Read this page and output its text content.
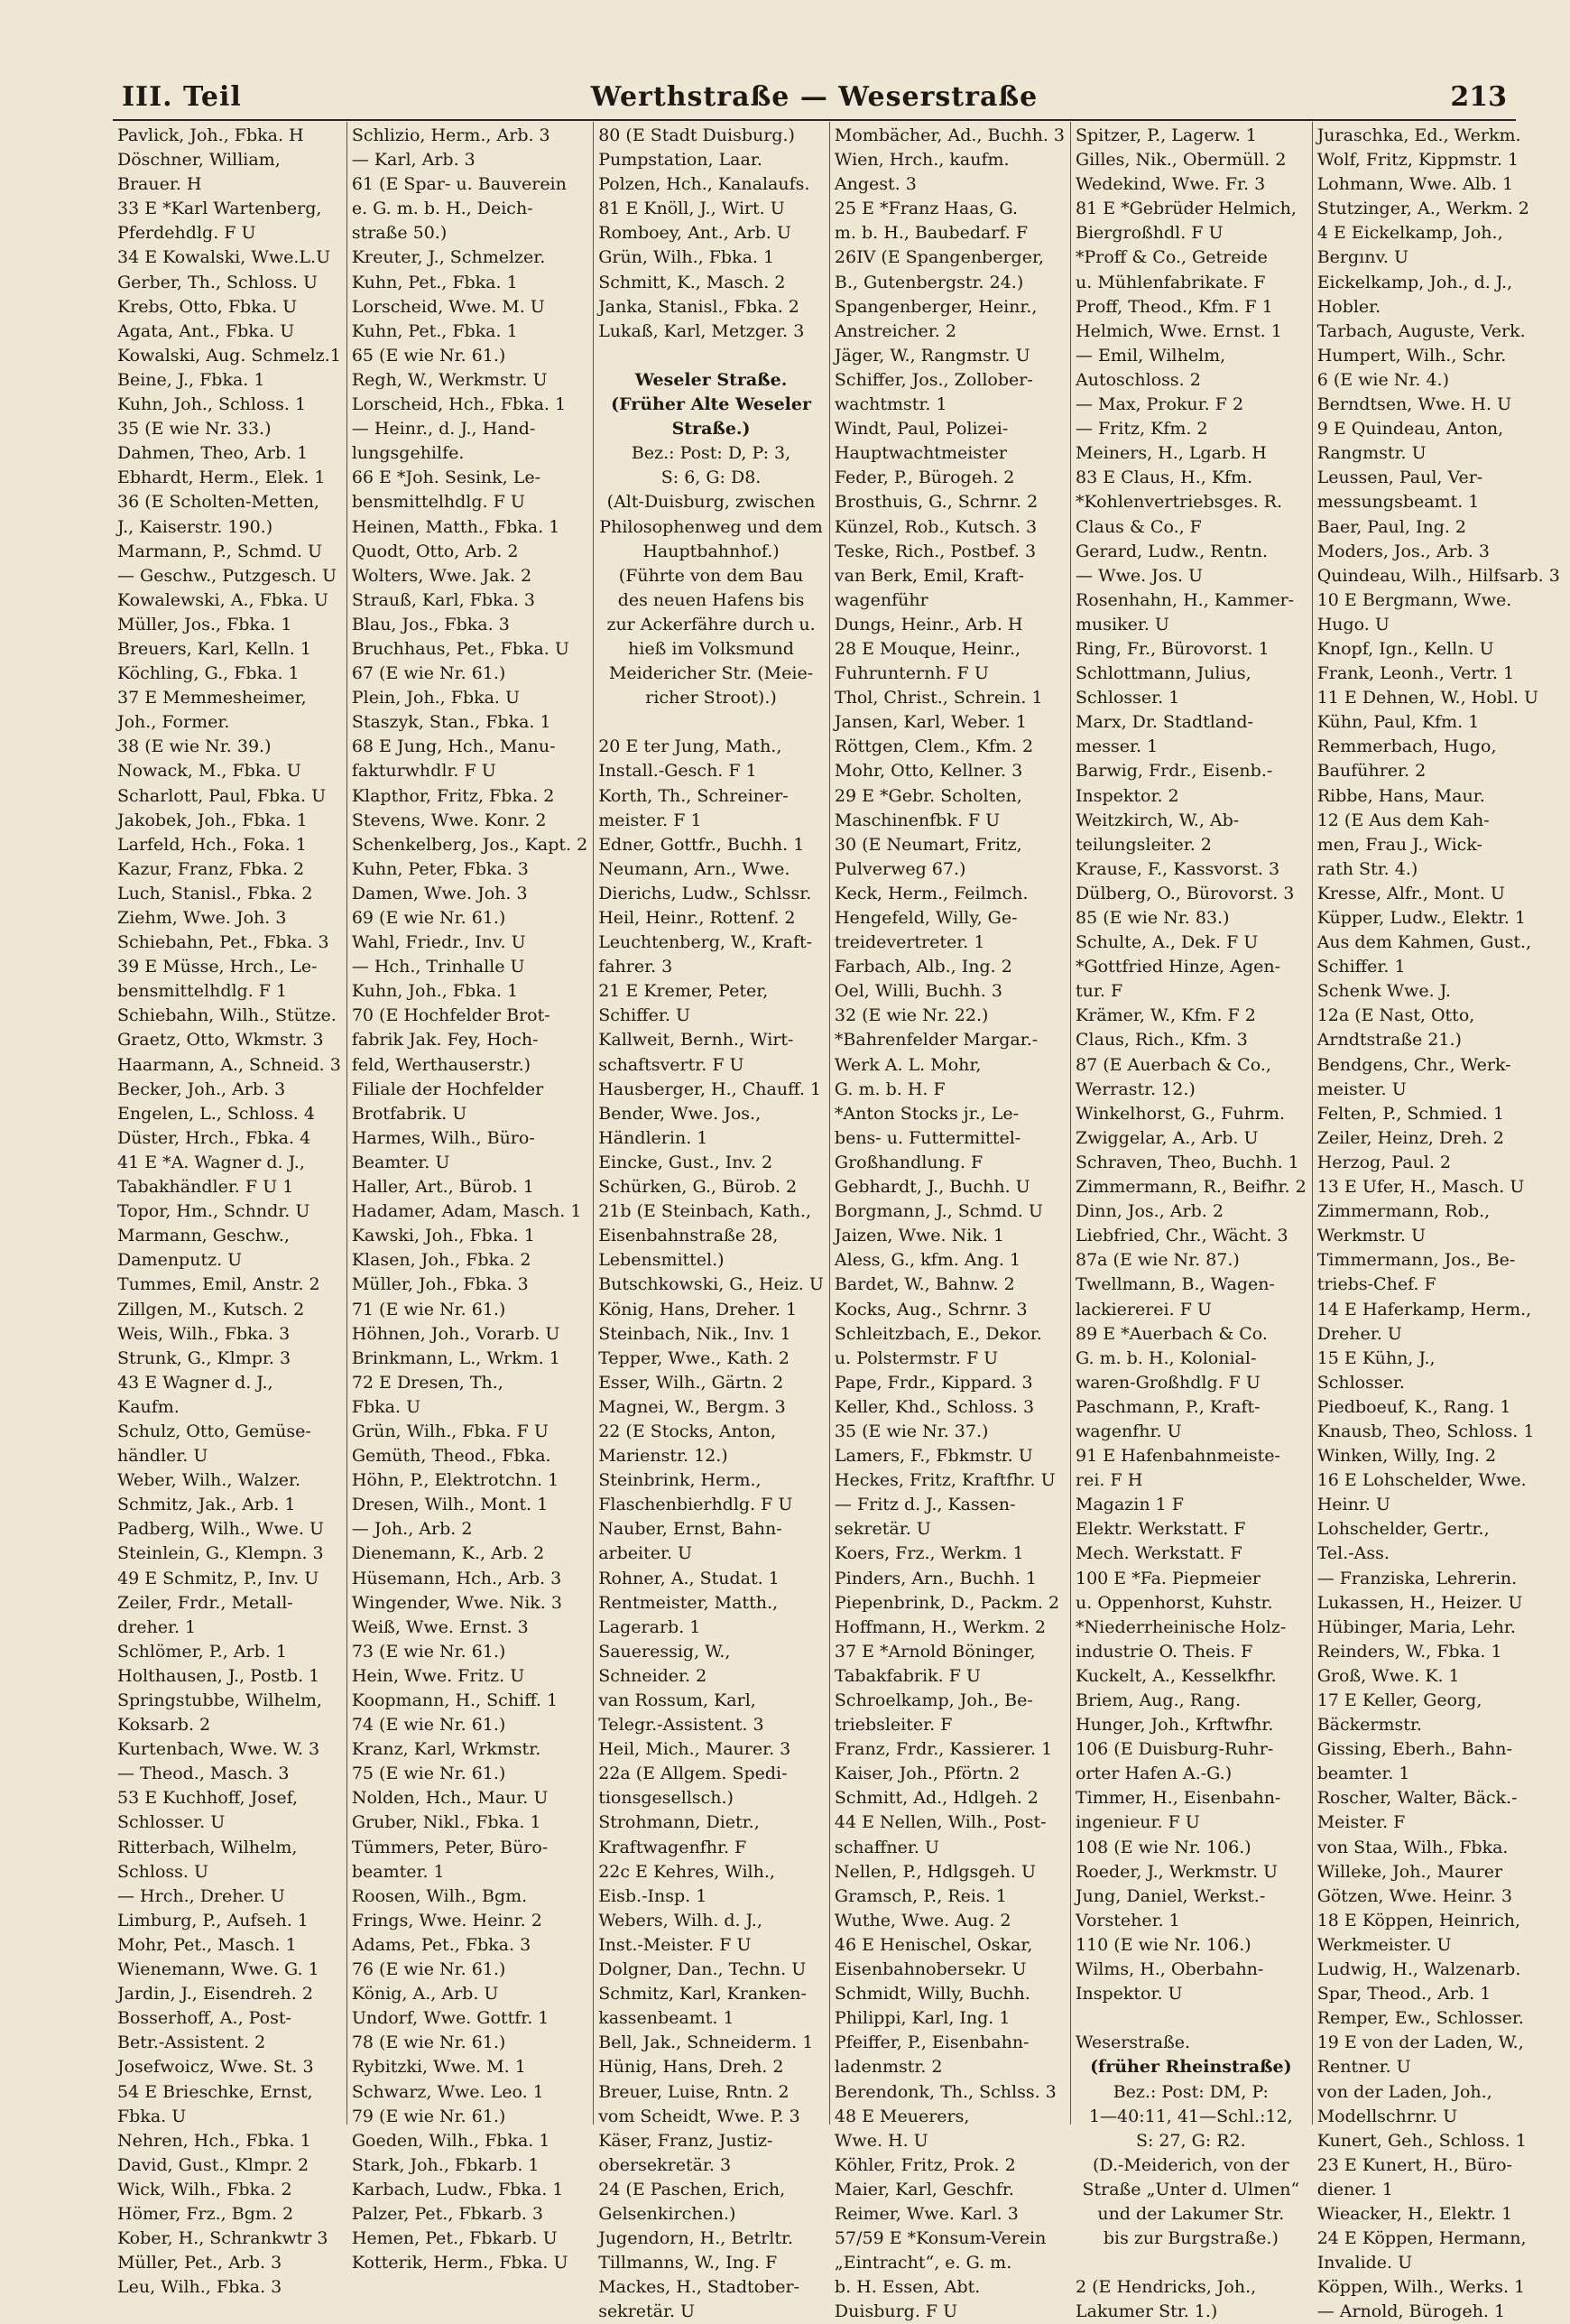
III. Teil	Werthstraße — Weserstraße	213
Pavlick, Joh., Fbka. H
Döschner, William,
Brauer. H
33 E *Karl Wartenberg,
Pferdehdlg. F U
34 E Kowalski, Wwe.L.U
Gerber, Th., Schloss. U
Krebs, Otto, Fbka. U
Agata, Ant., Fbka. U
Kowalski, Aug. Schmelz.1
Beine, J., Fbka. 1
Kuhn, Joh., Schloss. 1
35 (E wie Nr. 33.)
Dahmen, Theo, Arb. 1
Ebhardt, Herm., Elek. 1
36 (E Scholten-Metten,
J., Kaiserstr. 190.)
Marmann, P., Schmd. U
— Geschw., Putzgesch. U
Kowalewski, A., Fbka. U
Müller, Jos., Fbka. 1
Breuers, Karl, Kelln. 1
Köchling, G., Fbka. 1
37 E Memmesheimer,
Joh., Former.
38 (E wie Nr. 39.)
Nowack, M., Fbka. U
Scharlott, Paul, Fbka. U
Jakobek, Joh., Fbka. 1
Larfeld, Hch., Foka. 1
Kazur, Franz, Fbka. 2
Luch, Stanisl., Fbka. 2
Ziehm, Wwe. Joh. 3
Schiebahn, Pet., Fbka. 3
39 E Müsse, Hrch., Le-
bensmittelhdlg. F 1
Schiebahn, Wilh., Stütze.
Graetz, Otto, Wkmstr. 3
Haarmann, A., Schneid. 3
Becker, Joh., Arb. 3
Engelen, L., Schloss. 4
Düster, Hrch., Fbka. 4
41 E *A. Wagner d. J.,
Tabakhändler. F U 1
Topor, Hm., Schndr. U
Marmann, Geschw.,
Damenputz. U
Tummes, Emil, Anstr. 2
Zillgen, M., Kutsch. 2
Weis, Wilh., Fbka. 3
Strunk, G., Klmpr. 3
43 E Wagner d. J.,
Kaufm.
Schulz, Otto, Gemüse-
händler. U
Weber, Wilh., Walzer.
Schmitz, Jak., Arb. 1
Padberg, Wilh., Wwe. U
Steinlein, G., Klempn. 3
49 E Schmitz, P., Inv. U
Zeiler, Frdr., Metall-
dreher. 1
Schlömer, P., Arb. 1
Holthausen, J., Postb. 1
Springstubbe, Wilhelm,
Koksarb. 2
Kurtenbach, Wwe. W. 3
— Theod., Masch. 3
53 E Kuchhoff, Josef,
Schlosser. U
Ritterbach, Wilhelm,
Schloss. U
— Hrch., Dreher. U
Limburg, P., Aufseh. 1
Mohr, Pet., Masch. 1
Wienemann, Wwe. G. 1
Jardin, J., Eisendreh. 2
Bosserhoff, A., Post-
Betr.-Assistent. 2
Josefwoicz, Wwe. St. 3
54 E Brieschke, Ernst,
Fbka. U
Nehren, Hch., Fbka. 1
David, Gust., Klmpr. 2
Wick, Wilh., Fbka. 2
Hömer, Frz., Bgm. 2
Kober, H., Schrankwtr 3
Müller, Pet., Arb. 3
Leu, Wilh., Fbka. 3
Schlizio, Herm., Arb. 3
— Karl, Arb. 3
61 (E Spar- u. Bauverein
e. G. m. b. H., Deich-
straße 50.)
Kreuter, J., Schmelzer.
Kuhn, Pet., Fbka. 1
Lorscheid, Wwe. M. U
Kuhn, Pet., Fbka. 1
65 (E wie Nr. 61.)
Regh, W., Werkmstr. U
Lorscheid, Hch., Fbka. 1
— Heinr., d. J., Hand-
lungsgehilfe.
66 E *Joh. Sesink, Le-
bensmittelhdlg. F U
Heinen, Matth., Fbka. 1
Quodt, Otto, Arb. 2
Wolters, Wwe. Jak. 2
Strauß, Karl, Fbka. 3
Blau, Jos., Fbka. 3
Bruchhaus, Pet., Fbka. U
67 (E wie Nr. 61.)
Plein, Joh., Fbka. U
Staszyk, Stan., Fbka. 1
68 E Jung, Hch., Manu-
fakturwhdlr. F U
Klapthor, Fritz, Fbka. 2
Stevens, Wwe. Konr. 2
Schenkelberg, Jos., Kapt. 2
Kuhn, Peter, Fbka. 3
Damen, Wwe. Joh. 3
69 (E wie Nr. 61.)
Wahl, Friedr., Inv. U
— Hch., Trinhalle U
Kuhn, Joh., Fbka. 1
70 (E Hochfelder Brot-
fabrik Jak. Fey, Hoch-
feld, Werthauserstr.)
Filiale der Hochfelder
Brotfabrik. U
Harmes, Wilh., Büro-
Beamter. U
Haller, Art., Bürob. 1
Hadamer, Adam, Masch. 1
Kawski, Joh., Fbka. 1
Klasen, Joh., Fbka. 2
Müller, Joh., Fbka. 3
71 (E wie Nr. 61.)
Höhnen, Joh., Vorarb. U
Brinkmann, L., Wrkm. 1
72 E Dresen, Th.,
Fbka. U
Grün, Wilh., Fbka. F U
Gemüth, Theod., Fbka.
Höhn, P., Elektrotchn. 1
Dresen, Wilh., Mont. 1
— Joh., Arb. 2
Dienemann, K., Arb. 2
Hüsemann, Hch., Arb. 3
Wingender, Wwe. Nik. 3
Weiß, Wwe. Ernst. 3
73 (E wie Nr. 61.)
Hein, Wwe. Fritz. U
Koopmann, H., Schiff. 1
74 (E wie Nr. 61.)
Kranz, Karl, Wrkmstr.
75 (E wie Nr. 61.)
Nolden, Hch., Maur. U
Gruber, Nikl., Fbka. 1
Tümmers, Peter, Büro-
beamter. 1
Roosen, Wilh., Bgm.
Frings, Wwe. Heinr. 2
Adams, Pet., Fbka. 3
76 (E wie Nr. 61.)
König, A., Arb. U
Undorf, Wwe. Gottfr. 1
78 (E wie Nr. 61.)
Rybitzki, Wwe. M. 1
Schwarz, Wwe. Leo. 1
79 (E wie Nr. 61.)
Goeden, Wilh., Fbka. 1
Stark, Joh., Fbkarb. 1
Karbach, Ludw., Fbka. 1
Palzer, Pet., Fbkarb. 3
Hemen, Pet., Fbkarb. U
Kotterik, Herm., Fbka. U
80 (E Stadt Duisburg.)
Pumpstation, Laar.
Polzen, Hch., Kanalaufs.
81 E Knöll, J., Wirt. U
Romboey, Ant., Arb. U
Grün, Wilh., Fbka. 1
Schmitt, K., Masch. 2
Janka, Stanisl., Fbka. 2
Lukaß, Karl, Metzger. 3
Weseler Straße.
(Früher Alte Weseler
Straße.)
Bez.: Post: D, P: 3,
S: 6, G: D8.
(Alt-Duisburg, zwischen
Philosophenweg und dem
Hauptbahnhof.)
(Führte von dem Bau
des neuen Hafens bis
zur Ackerfähre durch u.
hieß im Volksmund
Meidericher Str. (Meie-
richer Stroot).)
20 E ter Jung, Math.,
Install.-Gesch. F 1
Korth, Th., Schreiner-
meister. F 1
Edner, Gottfr., Buchh. 1
Neumann, Arn., Wwe.
Dierichs, Ludw., Schlssr.
Heil, Heinr., Rottenf. 2
Leuchtenberg, W., Kraft-
fahrer. 3
21 E Kremer, Peter,
Schiffer. U
Kallweit, Bernh., Wirt-
schaftsvertr. F U
Hausberger, H., Chauff. 1
Bender, Wwe. Jos.,
Händlerin. 1
Eincke, Gust., Inv. 2
Schürken, G., Bürob. 2
21b (E Steinbach, Kath.,
Eisenbahnstraße 28,
Lebensmittel.)
Butschkowski, G., Heiz. U
König, Hans, Dreher. 1
Steinbach, Nik., Inv. 1
Tepper, Wwe., Kath. 2
Esser, Wilh., Gärtn. 2
Magnei, W., Bergm. 3
22 (E Stocks, Anton,
Marienstr. 12.)
Steinbrink, Herm.,
Flaschenbierhdlg. F U
Nauber, Ernst, Bahn-
arbeiter. U
Rohner, A., Studat. 1
Rentmeister, Matth.,
Lagerarb. 1
Saueressig, W.,
Schneider. 2
van Rossum, Karl,
Telegr.-Assistent. 3
Heil, Mich., Maurer. 3
22a (E Allgem. Spedi-
tionsgesellsch.)
Strohmann, Dietr.,
Kraftwagenfhr. F
22c E Kehres, Wilh.,
Eisb.-Insp. 1
Webers, Wilh. d. J.,
Inst.-Meister. F U
Dolgner, Dan., Techn. U
Schmitz, Karl, Kranken-
kassenbeamt. 1
Bell, Jak., Schneiderm. 1
Hünig, Hans, Dreh. 2
Breuer, Luise, Rntn. 2
vom Scheidt, Wwe. P. 3
Käser, Franz, Justiz-
obersekretär. 3
24 (E Paschen, Erich,
Gelsenkirchen.)
Jugendorn, H., Betrltr.
Tillmanns, W., Ing. F
Mackes, H., Stadtober-
sekretär. U
Mombächer, Ad., Buchh. 3
Wien, Hrch., kaufm.
Angest. 3
25 E *Franz Haas, G.
m. b. H., Baubedarf. F
26IV (E Spangenberger,
B., Gutenbergstr. 24.)
Spangenberger, Heinr.,
Anstreicher. 2
Jäger, W., Rangmstr. U
Schiffer, Jos., Zollober-
wachtmstr. 1
Windt, Paul, Polizei-
Hauptwachtmeister
Feder, P., Bürogeh. 2
Brosthuis, G., Schrnr. 2
Künzel, Rob., Kutsch. 3
Teske, Rich., Postbef. 3
van Berk, Emil, Kraft-
wagenführ
Dungs, Heinr., Arb. H
28 E Mouque, Heinr.,
Fuhrunternh. F U
Thol, Christ., Schrein. 1
Jansen, Karl, Weber. 1
Röttgen, Clem., Kfm. 2
Mohr, Otto, Kellner. 3
29 E *Gebr. Scholten,
Maschinenfbk. F U
30 (E Neumart, Fritz,
Pulverweg 67.)
Keck, Herm., Feilmch.
Hengefeld, Willy, Ge-
treidevertreter. 1
Farbach, Alb., Ing. 2
Oel, Willi, Buchh. 3
32 (E wie Nr. 22.)
*Bahrenfelder Margar.-
Werk A. L. Mohr,
G. m. b. H. F
*Anton Stocks jr., Le-
bens- u. Futtermittel-
Großhandlung. F
Gebhardt, J., Buchh. U
Borgmann, J., Schmd. U
Jaizen, Wwe. Nik. 1
Aless, G., kfm. Ang. 1
Bardet, W., Bahnw. 2
Kocks, Aug., Schrnr. 3
Schleitzbach, E., Dekor.
u. Polstermstr. F U
Pape, Frdr., Kippard. 3
Keller, Khd., Schloss. 3
35 (E wie Nr. 37.)
Lamers, F., Fbkmstr. U
Heckes, Fritz, Kraftfhr. U
— Fritz d. J., Kassen-
sekretär. U
Koers, Frz., Werkm. 1
Pinders, Arn., Buchh. 1
Piepenbrink, D., Packm. 2
Hoffmann, H., Werkm. 2
37 E *Arnold Böninger,
Tabakfabrik. F U
Schroelkamp, Joh., Be-
triebsleiter. F
Franz, Frdr., Kassierer. 1
Kaiser, Joh., Pförtn. 2
Schmitt, Ad., Hdlgeh. 2
44 E Nellen, Wilh., Post-
schaffner. U
Nellen, P., Hdlgsgeh. U
Gramsch, P., Reis. 1
Wuthe, Wwe. Aug. 2
46 E Henischel, Oskar,
Eisenbahnobersekr. U
Schmidt, Willy, Buchh.
Philippi, Karl, Ing. 1
Pfeiffer, P., Eisenbahn-
ladenmstr. 2
Berendonk, Th., Schlss. 3
48 E Meuerers,
Wwe. H. U
Köhler, Fritz, Prok. 2
Maier, Karl, Geschfr.
Reimer, Wwe. Karl. 3
57/59 E *Konsum-Verein
„Eintracht“, e. G. m.
b. H. Essen, Abt.
Duisburg. F U
Spitzer, P., Lagerw. 1
Gilles, Nik., Obermüll. 2
Wedekind, Wwe. Fr. 3
81 E *Gebrüder Helmich,
Biergroßhdl. F U
*Proff & Co., Getreide
u. Mühlenfabrikate. F
Proff, Theod., Kfm. F 1
Helmich, Wwe. Ernst. 1
— Emil, Wilhelm,
Autoschloss. 2
— Max, Prokur. F 2
— Fritz, Kfm. 2
Meiners, H., Lgarb. H
83 E Claus, H., Kfm.
*Kohlenvertriebsges. R.
Claus & Co., F
Gerard, Ludw., Rentn.
— Wwe. Jos. U
Rosenhahn, H., Kammer-
musiker. U
Ring, Fr., Bürovorst. 1
Schlottmann, Julius,
Schlosser. 1
Marx, Dr. Stadtland-
messer. 1
Barwig, Frdr., Eisenb.-
Inspektor. 2
Weitzkirch, W., Ab-
teilungsleiter. 2
Krause, F., Kassvorst. 3
Dülberg, O., Bürovorst. 3
85 (E wie Nr. 83.)
Schulte, A., Dek. F U
*Gottfried Hinze, Agen-
tur. F
Krämer, W., Kfm. F 2
Claus, Rich., Kfm. 3
87 (E Auerbach & Co.,
Werrastr. 12.)
Winkelhorst, G., Fuhrm.
Zwiggelar, A., Arb. U
Schraven, Theo, Buchh. 1
Zimmermann, R., Beifhr. 2
Dinn, Jos., Arb. 2
Liebfried, Chr., Wächt. 3
87a (E wie Nr. 87.)
Twellmann, B., Wagen-
lackiererei. F U
89 E *Auerbach & Co.
G. m. b. H., Kolonial-
waren-Großhdlg. F U
Paschmann, P., Kraft-
wagenfhr. U
91 E Hafenbahnmeiste-
rei. F H
Magazin 1 F
Elektr. Werkstatt. F
Mech. Werkstatt. F
100 E *Fa. Piepmeier
u. Oppenhorst, Kuhstr.
*Niederrheinische Holz-
industrie O. Theis. F
Kuckelt, A., Kesselkfhr.
Briem, Aug., Rang.
Hunger, Joh., Krftwfhr.
106 (E Duisburg-Ruhr-
orter Hafen A.-G.)
Timmer, H., Eisenbahn-
ingenieur. F U
108 (E wie Nr. 106.)
Roeder, J., Werkmstr. U
Jung, Daniel, Werkst.-
Vorsteher. 1
110 (E wie Nr. 106.)
Wilms, H., Oberbahn-
Inspektor. U
Weserstraße.
(früher Rheinstraße)
Bez.: Post: DM, P:
1—40:11, 41—Schl.:12,
S: 27, G: R2.
(D.-Meiderich, von der
Straße „Unter d. Ulmen“
und der Lakumer Str.
bis zur Burgstraße.)
2 (E Hendricks, Joh.,
Lakumer Str. 1.)
Juraschka, Ed., Werkm.
Wolf, Fritz, Kippmstr. 1
Lohmann, Wwe. Alb. 1
Stutzinger, A., Werkm. 2
4 E Eickelkamp, Joh.,
Bergınv. U
Eickelkamp, Joh., d. J.,
Hobler.
Tarbach, Auguste, Verk.
Humpert, Wilh., Schr.
6 (E wie Nr. 4.)
Berndtsen, Wwe. H. U
9 E Quindeau, Anton,
Rangmstr. U
Leussen, Paul, Ver-
messungsbeamt. 1
Baer, Paul, Ing. 2
Moders, Jos., Arb. 3
Quindeau, Wilh., Hilfsarb. 3
10 E Bergmann, Wwe.
Hugo. U
Knopf, Ign., Kelln. U
Frank, Leonh., Vertr. 1
11 E Dehnen, W., Hobl. U
Kühn, Paul, Kfm. 1
Remmerbach, Hugo,
Bauführer. 2
Ribbe, Hans, Maur.
12 (E Aus dem Kah-
men, Frau J., Wick-
rath Str. 4.)
Kresse, Alfr., Mont. U
Küpper, Ludw., Elektr. 1
Aus dem Kahmen, Gust.,
Schiffer. 1
Schenk Wwe. J.
12a (E Nast, Otto,
Arndtstraße 21.)
Bendgens, Chr., Werk-
meister. U
Felten, P., Schmied. 1
Zeiler, Heinz, Dreh. 2
Herzog, Paul. 2
13 E Ufer, H., Masch. U
Zimmermann, Rob.,
Werkmstr. U
Timmermann, Jos., Be-
triebs-Chef. F
14 E Haferkamp, Herm.,
Dreher. U
15 E Kühn, J.,
Schlosser.
Piedboeuf, K., Rang. 1
Knausb, Theo, Schloss. 1
Winken, Willy, Ing. 2
16 E Lohschelder, Wwe.
Heinr. U
Lohschelder, Gertr.,
Tel.-Ass.
— Franziska, Lehrerin.
Lukassen, H., Heizer. U
Hübinger, Maria, Lehr.
Reinders, W., Fbka. 1
Groß, Wwe. K. 1
17 E Keller, Georg,
Bäckermstr.
Gissing, Eberh., Bahn-
beamter. 1
Roscher, Walter, Bäck.-
Meister. F
von Staa, Wilh., Fbka.
Willeke, Joh., Maurer
Götzen, Wwe. Heinr. 3
18 E Köppen, Heinrich,
Werkmeister. U
Ludwig, H., Walzenarb.
Spar, Theod., Arb. 1
Remper, Ew., Schlosser.
19 E von der Laden, W.,
Rentner. U
von der Laden, Joh.,
Modellschrnr. U
Kunert, Geh., Schloss. 1
23 E Kunert, H., Büro-
diener. 1
Wieacker, H., Elektr. 1
24 E Köppen, Hermann,
Invalide. U
Köppen, Wilh., Werks. 1
— Arnold, Bürogeh. 1
